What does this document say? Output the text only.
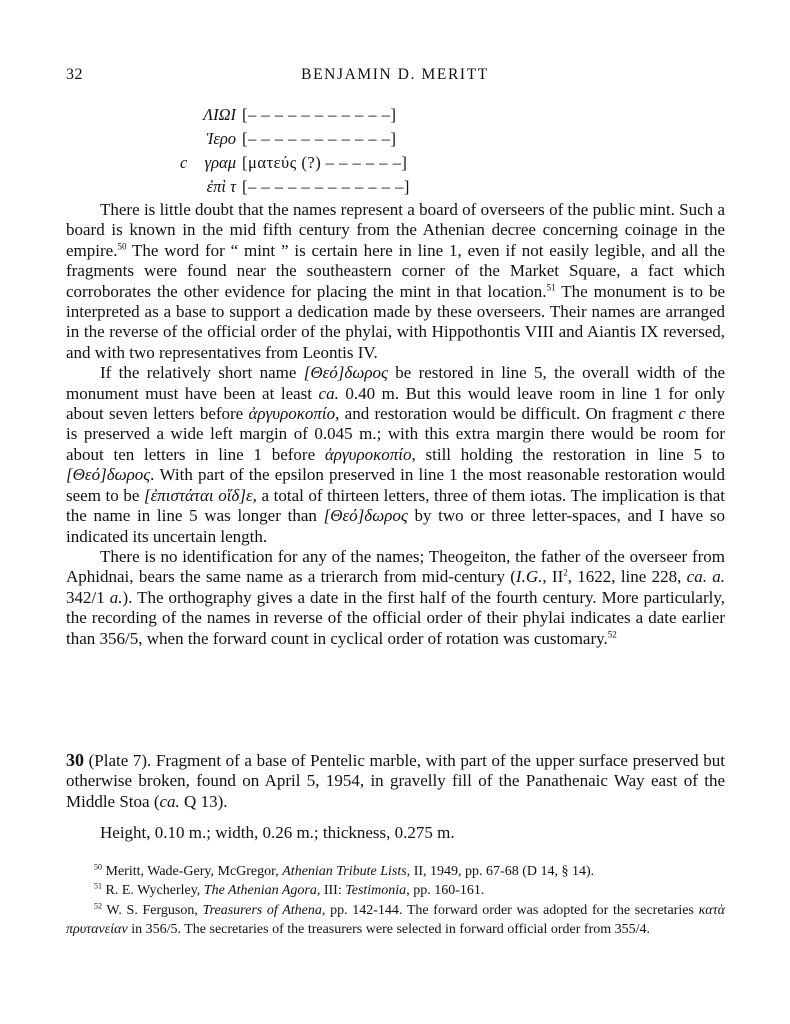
32	BENJAMIN D. MERITT
ΛΙΩΙ [– – – – – – – – – – –]
Ἱερο [– – – – – – – – – – –]
c	γραμ [ματεύς (?) – – – – – –]
ἐπὶ τ [– – – – – – – – – – – –]

There is little doubt that the names represent a board of overseers of the public mint. Such a board is known in the mid fifth century from the Athenian decree concerning coinage in the empire.$^{50}$ The word for “ mint ” is certain here in line 1, even if not easily legible, and all the fragments were found near the southeastern corner of the Market Square, a fact which corroborates the other evidence for placing the mint in that location.$^{51}$ The monument is to be interpreted as a base to support a dedication made by these overseers. Their names are arranged in the reverse of the official order of the phylai, with Hippothontis VIII and Aiantis IX reversed, and with two representatives from Leontis IV.

If the relatively short name [Θεό]δωρος be restored in line 5, the overall width of the monument must have been at least ca. 0.40 m. But this would leave room in line 1 for only about seven letters before ἀργυροκοπίο, and restoration would be difficult. On fragment c there is preserved a wide left margin of 0.045 m.; with this extra margin there would be room for about ten letters in line 1 before ἀργυροκοπίο, still holding the restoration in line 5 to [Θεό]δωρος. With part of the epsilon preserved in line 1 the most reasonable restoration would seem to be [ἐπιστάται οἵδ]ε, a total of thirteen letters, three of them iotas. The implication is that the name in line 5 was longer than [Θεό]δωρος by two or three letter-spaces, and I have so indicated its uncertain length.

There is no identification for any of the names; Theogeiton, the father of the overseer from Aphidnai, bears the same name as a trierarch from mid-century (I.G., II$^2$, 1622, line 228, ca. a. 342/1 a.). The orthography gives a date in the first half of the fourth century. More particularly, the recording of the names in reverse of the official order of their phylai indicates a date earlier than 356/5, when the forward count in cyclical order of rotation was customary.$^{52}$

30 (Plate 7). Fragment of a base of Pentelic marble, with part of the upper surface preserved but otherwise broken, found on April 5, 1954, in gravelly fill of the Panathenaic Way east of the Middle Stoa (ca. Q 13).

Height, 0.10 m.; width, 0.26 m.; thickness, 0.275 m.

$^{50}$ Meritt, Wade-Gery, McGregor, Athenian Tribute Lists, II, 1949, pp. 67-68 (D 14, § 14).

$^{51}$ R. E. Wycherley, The Athenian Agora, III: Testimonia, pp. 160-161.

$^{52}$ W. S. Ferguson, Treasurers of Athena, pp. 142-144. The forward order was adopted for the secretaries κατὰ πρυτανείαν in 356/5. The secretaries of the treasurers were selected in forward official order from 355/4.
